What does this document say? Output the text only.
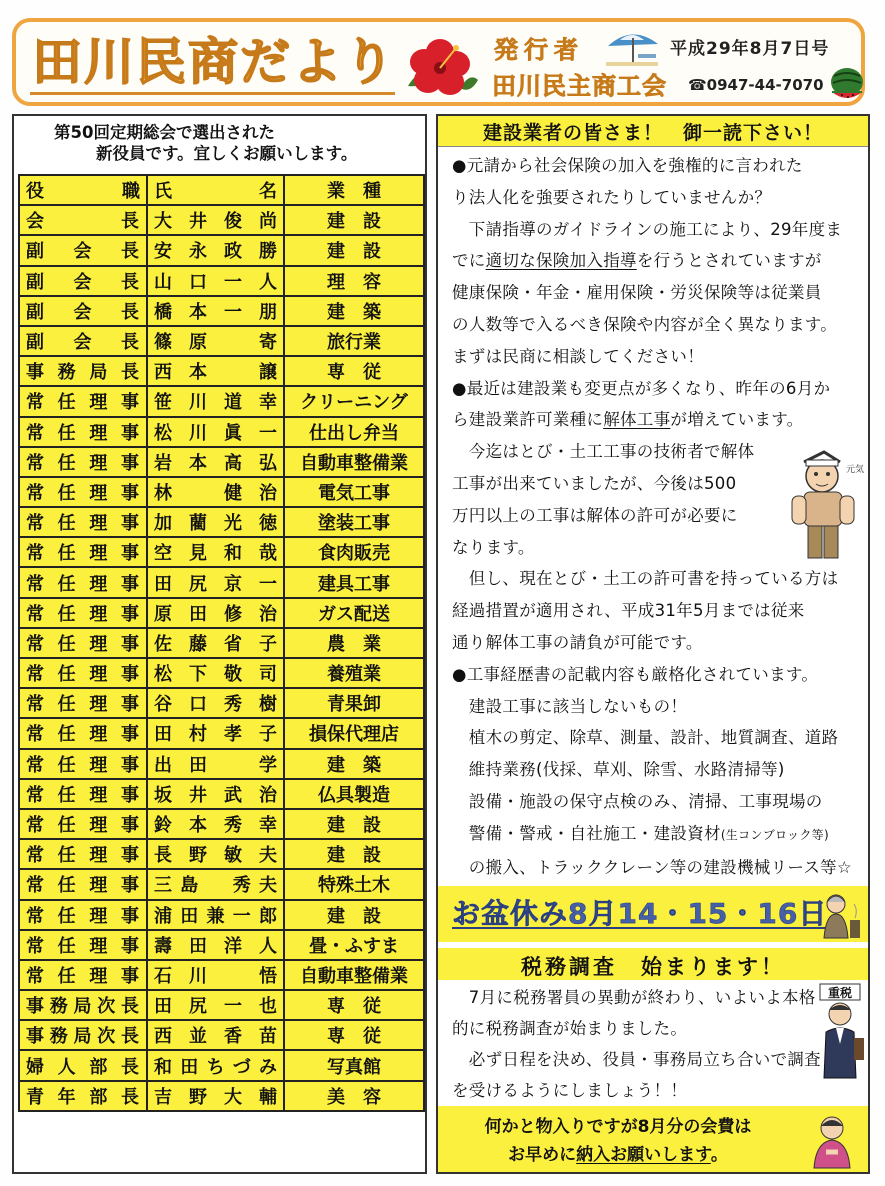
田川民商だより	発行者	平成29年8月7日号
田川民主商工会 ☎0947-44-7070
第50回定期総会で選出された
新役員です。宜しくお願いします。
役　職	氏　　名	業　種
会　長	大井俊尚	建　設
副会長	安永政勝	建　設
副会長	山口一人	理　容
副会長	橋本一朋	建　築
副会長	篠原　寄	旅行業
事務局長	西本　譲	専　従
常任理事	笹川道幸	クリーニング
常任理事	松川眞一	仕出し弁当
常任理事	岩本高弘	自動車整備業
常任理事	林　健治	電気工事
常任理事	加藺光徳	塗装工事
常任理事	空見和哉	食肉販売
常任理事	田尻京一	建具工事
常任理事	原田修治	ガス配送
常任理事	佐藤省子	農　業
常任理事	松下敬司	養殖業
常任理事	谷口秀樹	青果卸
常任理事	田村孝子	損保代理店
常任理事	出田　学	建　築
常任理事	坂井武治	仏具製造
常任理事	鈴本秀幸	建　設
常任理事	長野敏夫	建　設
常任理事	三島　秀夫	特殊土木
常任理事	浦田兼一郎	建　設
常任理事	壽田洋人	畳・ふすま
常任理事	石川　悟	自動車整備業
事務局次長	田尻一也	専　従
事務局次長	西並香苗	専　従
婦人部長	和田ちづみ	写真館
青年部長	吉野大輔	美　容
建設業者の皆さま！　御一読下さい！
●元請から社会保険の加入を強権的に言われた
り法人化を強要されたりしていませんか？
　下請指導のガイドラインの施工により、29年度ま
でに適切な保険加入指導を行うとされていますが
健康保険・年金・雇用保険・労災保険等は従業員
の人数等で入るべき保険や内容が全く異なります。
まずは民商に相談してください！
●最近は建設業も変更点が多くなり、昨年の6月か
ら建設業許可業種に解体工事が増えています。
　今迄はとび・土工工事の技術者で解体
工事が出来ていましたが、今後は500
万円以上の工事は解体の許可が必要に
なります。
　但し、現在とび・土工の許可書を持っている方は
経過措置が適用され、平成31年5月までは従来
通り解体工事の請負が可能です。
●工事経歴書の記載内容も厳格化されています。
　建設工事に該当しないもの！
　植木の剪定、除草、測量、設計、地質調査、道路
　維持業務(伐採、草刈、除雪、水路清掃等)
　設備・施設の保守点検のみ、清掃、工事現場の
　警備・警戒・自社施工・建設資材(生コンブロック等)
　の搬入、トラッククレーン等の建設機械リース等☆
元気
お盆休み8月14・15・16日
税務調査　始まります！
　7月に税務署員の異動が終わり、いよいよ本格
的に税務調査が始まりました。
　必ず日程を決め、役員・事務局立ち合いで調査
を受けるようにしましょう！！
重税
何かと物入りですが8月分の会費は
お早めに納入お願いします。
